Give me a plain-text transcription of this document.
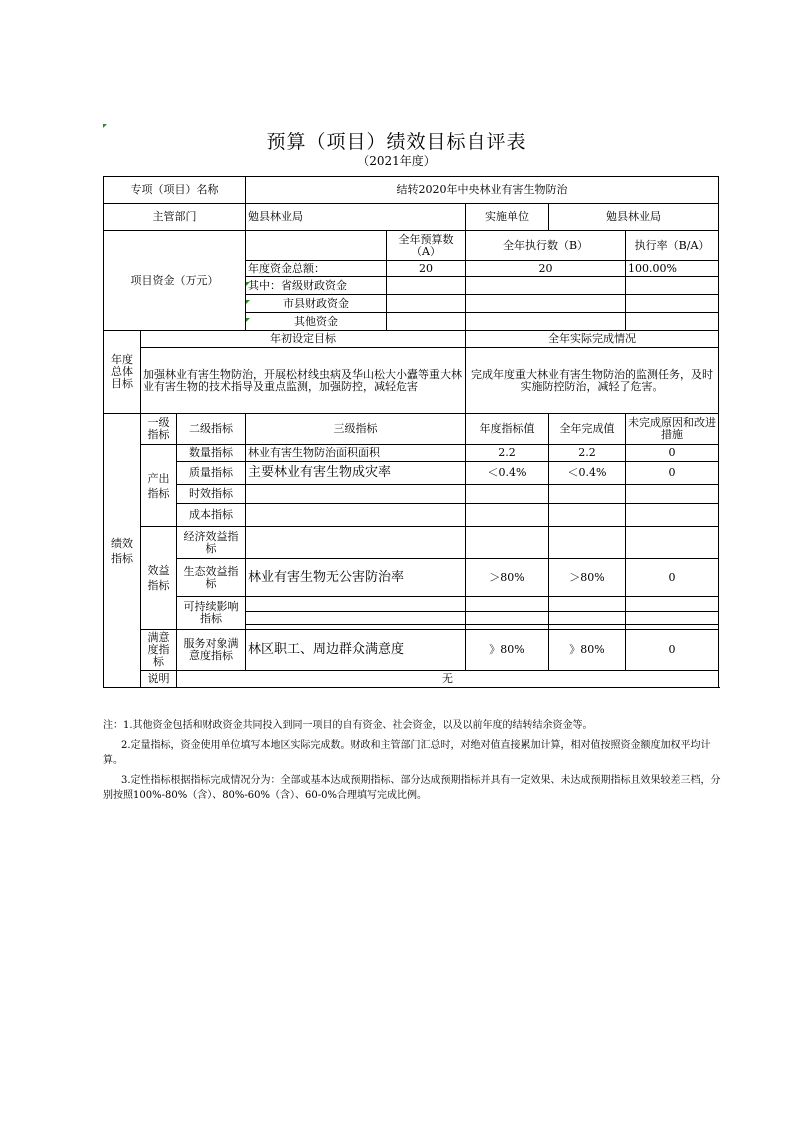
预算（项目）绩效目标自评表
（2021年度）
专项（项目）名称			结转2020年中央林业有害生物防治				
主管部门			勉县林业局		实施单位	勉县林业局	
项目资金（万元）				全年预算数（A）	全年执行数（B）		执行率（B/A）
			年度资金总额：	20	20		100.00%
			其中：省级财政资金				
			市县财政资金				
			其他资金				
年度总体目标	年初设定目标				全年实际完成情况		
	加强林业有害生物防治，开展松材线虫病及华山松大小蠹等重大林业有害生物的技术指导及重点监测，加强防控，减轻危害				完成年度重大林业有害生物防治的监测任务，及时实施防控防治，减轻了危害。		
绩效指标	一级指标	二级指标	三级指标		年度指标值	全年完成值	未完成原因和改进措施
	产出指标	数量指标	林业有害生物防治面积面积		2.2	2.2	0
		质量指标	主要林业有害生物成灾率		＜0.4%	＜0.4%	0
		时效指标					
		成本指标					
	效益指标	经济效益指标					
		生态效益指标	林业有害生物无公害防治率		＞80%	＞80%	0
		可持续影响指标					

	满意度指标	服务对象满意度指标	林区职工、周边群众满意度		》80%	》80%	0
	说明	无					

注：1.其他资金包括和财政资金共同投入到同一项目的自有资金、社会资金，以及以前年度的结转结余资金等。

2.定量指标，资金使用单位填写本地区实际完成数。财政和主管部门汇总时，对绝对值直接累加计算，相对值按照资金额度加权平均计算。

3.定性指标根据指标完成情况分为：全部或基本达成预期指标、部分达成预期指标并具有一定效果、未达成预期指标且效果较差三档，分别按照100%-80%（含）、80%-60%（含）、60-0%合理填写完成比例。
